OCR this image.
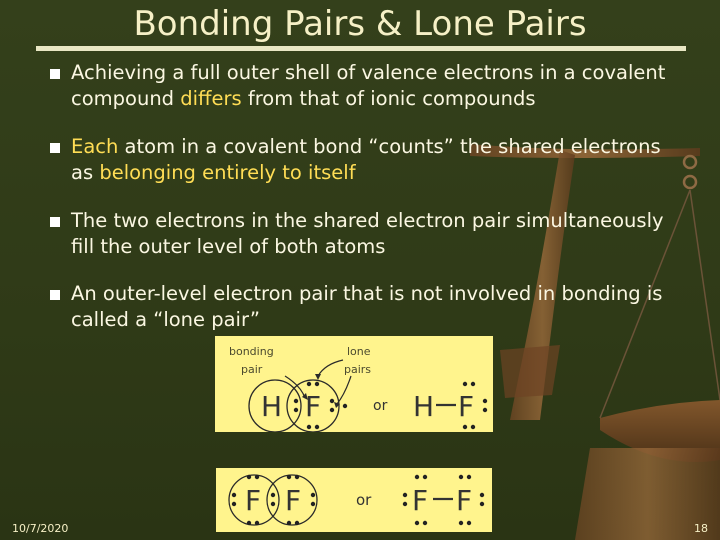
Bonding Pairs & Lone Pairs
Achieving a full outer shell of valence electrons in a covalent compound differs from that of ionic compounds
Each atom in a covalent bond “counts” the shared electrons as belonging entirely to itself
The two electrons in the shared electron pair simultaneously fill the outer level of both atoms
An outer-level electron pair that is not involved in bonding is called a “lone pair”
bonding
pair
lone
pairs
H F	or H F
F F	or F F
10/7/2020	18
